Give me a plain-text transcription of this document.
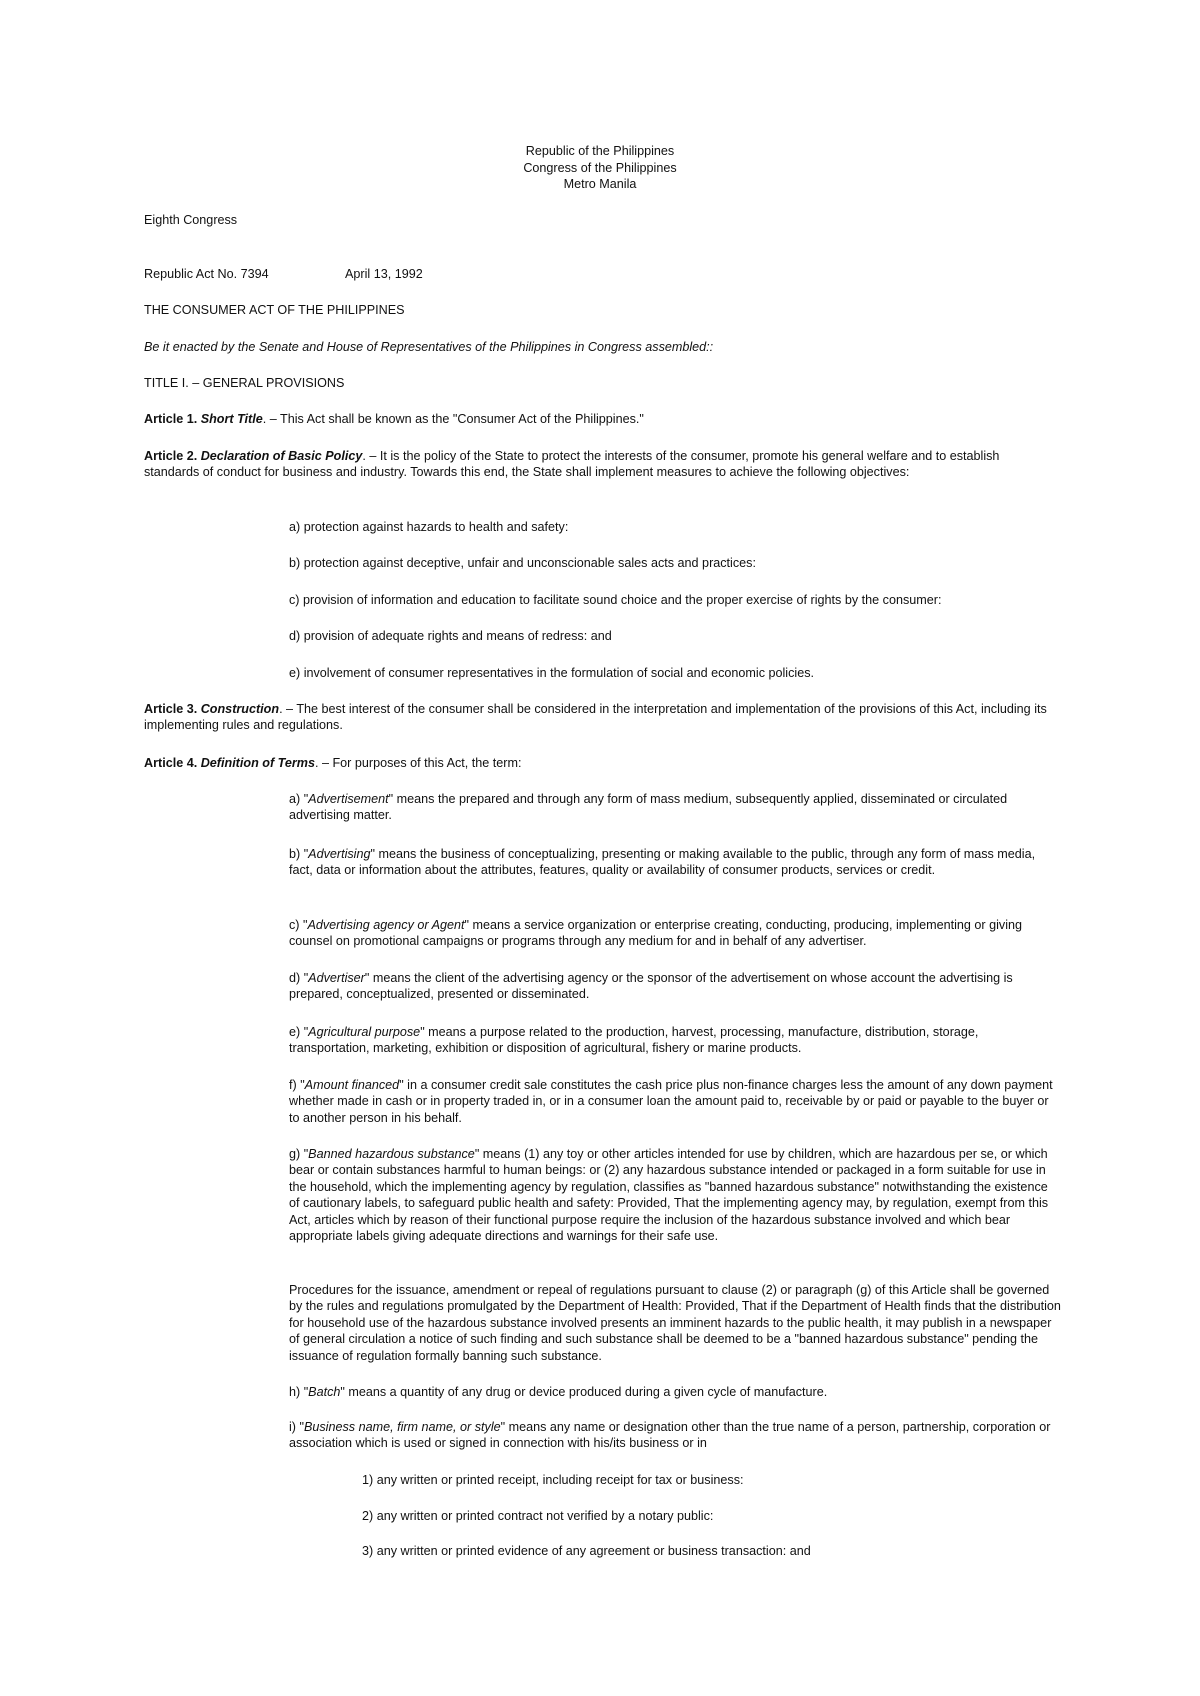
Republic of the Philippines
Congress of the Philippines
Metro Manila
Eighth Congress
Republic Act No. 7394	April 13, 1992
THE CONSUMER ACT OF THE PHILIPPINES
Be it enacted by the Senate and House of Representatives of the Philippines in Congress assembled::
TITLE I. – GENERAL PROVISIONS
Article 1. Short Title. – This Act shall be known as the "Consumer Act of the Philippines."
Article 2. Declaration of Basic Policy. – It is the policy of the State to protect the interests of the consumer, promote his general welfare and to establish standards of conduct for business and industry. Towards this end, the State shall implement measures to achieve the following objectives:
a) protection against hazards to health and safety:
b) protection against deceptive, unfair and unconscionable sales acts and practices:
c) provision of information and education to facilitate sound choice and the proper exercise of rights by the consumer:
d) provision of adequate rights and means of redress: and
e) involvement of consumer representatives in the formulation of social and economic policies.
Article 3. Construction. – The best interest of the consumer shall be considered in the interpretation and implementation of the provisions of this Act, including its implementing rules and regulations.
Article 4. Definition of Terms. – For purposes of this Act, the term:
a) "Advertisement" means the prepared and through any form of mass medium, subsequently applied, disseminated or circulated advertising matter.
b) "Advertising" means the business of conceptualizing, presenting or making available to the public, through any form of mass media, fact, data or information about the attributes, features, quality or availability of consumer products, services or credit.
c) "Advertising agency or Agent" means a service organization or enterprise creating, conducting, producing, implementing or giving counsel on promotional campaigns or programs through any medium for and in behalf of any advertiser.
d) "Advertiser" means the client of the advertising agency or the sponsor of the advertisement on whose account the advertising is prepared, conceptualized, presented or disseminated.
e) "Agricultural purpose" means a purpose related to the production, harvest, processing, manufacture, distribution, storage, transportation, marketing, exhibition or disposition of agricultural, fishery or marine products.
f) "Amount financed" in a consumer credit sale constitutes the cash price plus non-finance charges less the amount of any down payment whether made in cash or in property traded in, or in a consumer loan the amount paid to, receivable by or paid or payable to the buyer or to another person in his behalf.
g) "Banned hazardous substance" means (1) any toy or other articles intended for use by children, which are hazardous per se, or which bear or contain substances harmful to human beings: or (2) any hazardous substance intended or packaged in a form suitable for use in the household, which the implementing agency by regulation, classifies as "banned hazardous substance" notwithstanding the existence of cautionary labels, to safeguard public health and safety: Provided, That the implementing agency may, by regulation, exempt from this Act, articles which by reason of their functional purpose require the inclusion of the hazardous substance involved and which bear appropriate labels giving adequate directions and warnings for their safe use.
Procedures for the issuance, amendment or repeal of regulations pursuant to clause (2) or paragraph (g) of this Article shall be governed by the rules and regulations promulgated by the Department of Health: Provided, That if the Department of Health finds that the distribution for household use of the hazardous substance involved presents an imminent hazards to the public health, it may publish in a newspaper of general circulation a notice of such finding and such substance shall be deemed to be a "banned hazardous substance" pending the issuance of regulation formally banning such substance.
h) "Batch" means a quantity of any drug or device produced during a given cycle of manufacture.
i) "Business name, firm name, or style" means any name or designation other than the true name of a person, partnership, corporation or association which is used or signed in connection with his/its business or in
1) any written or printed receipt, including receipt for tax or business:
2) any written or printed contract not verified by a notary public:
3) any written or printed evidence of any agreement or business transaction: and
